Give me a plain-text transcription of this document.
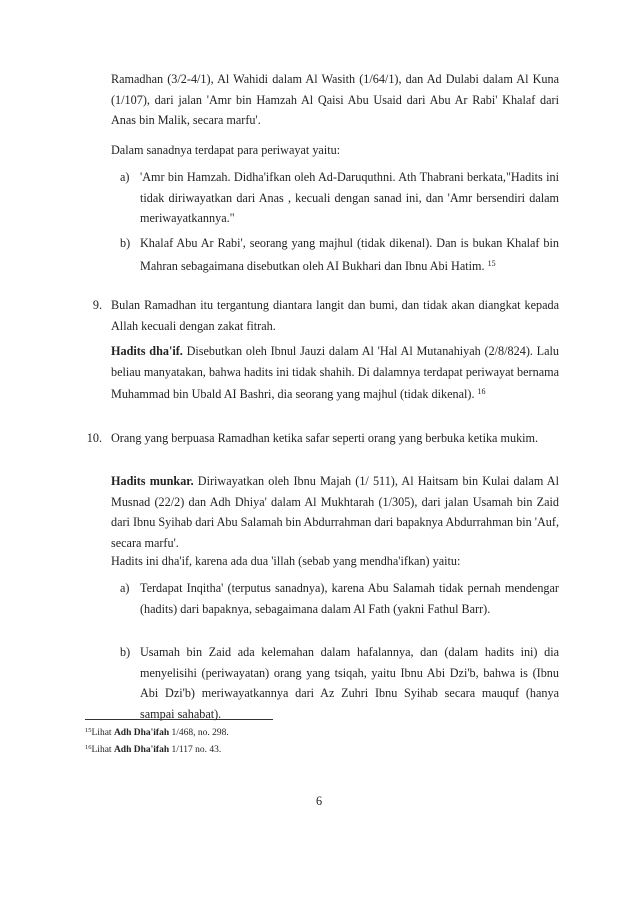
Ramadhan (3/2-4/1), Al Wahidi dalam Al Wasith (1/64/1), dan Ad Dulabi dalam Al Kuna (1/107), dari jalan 'Amr bin Hamzah Al Qaisi Abu Usaid dari Abu Ar Rabi' Khalaf dari Anas bin Malik, secara marfu'.

Dalam sanadnya terdapat para periwayat yaitu:

a) 'Amr bin Hamzah. Didha'ifkan oleh Ad-Daruquthni. Ath Thabrani berkata,"Hadits ini tidak diriwayatkan dari Anas , kecuali dengan sanad ini, dan 'Amr bersendiri dalam meriwayatkannya."

b) Khalaf Abu Ar Rabi', seorang yang majhul (tidak dikenal). Dan is bukan Khalaf bin Mahran sebagaimana disebutkan oleh AI Bukhari dan Ibnu Abi Hatim. $^{15}$

9. Bulan Ramadhan itu tergantung diantara langit dan bumi, dan tidak akan diangkat kepada Allah kecuali dengan zakat fitrah.

Hadits dha'if. Disebutkan oleh Ibnul Jauzi dalam Al 'Hal Al Mutanahiyah (2/8/824). Lalu beliau manyatakan, bahwa hadits ini tidak shahih. Di dalamnya terdapat periwayat bernama Muhammad bin Ubald AI Bashri, dia seorang yang majhul (tidak dikenal). $^{16}$

10. Orang yang berpuasa Ramadhan ketika safar seperti orang yang berbuka ketika mukim.

Hadits munkar. Diriwayatkan oleh Ibnu Majah (1/ 511), Al Haitsam bin Kulai dalam Al Musnad (22/2) dan Adh Dhiya' dalam Al Mukhtarah (1/305), dari jalan Usamah bin Zaid dari Ibnu Syihab dari Abu Salamah bin Abdurrahman dari bapaknya Abdurrahman bin 'Auf, secara marfu'.

Hadits ini dha'if, karena ada dua 'illah (sebab yang mendha'ifkan) yaitu:

a) Terdapat Inqitha' (terputus sanadnya), karena Abu Salamah tidak pernah mendengar (hadits) dari bapaknya, sebagaimana dalam Al Fath (yakni Fathul Barr).

b) Usamah bin Zaid ada kelemahan dalam hafalannya, dan (dalam hadits ini) dia menyelisihi (periwayatan) orang yang tsiqah, yaitu Ibnu Abi Dzi'b, bahwa is (Ibnu Abi Dzi'b) meriwayatkannya dari Az Zuhri Ibnu Syihab secara mauquf (hanya sampai sahabat).

$^{15}$Lihat Adh Dha'ifah 1/468, no. 298.

$^{16}$Lihat Adh Dha'ifah 1/117 no. 43.

6
